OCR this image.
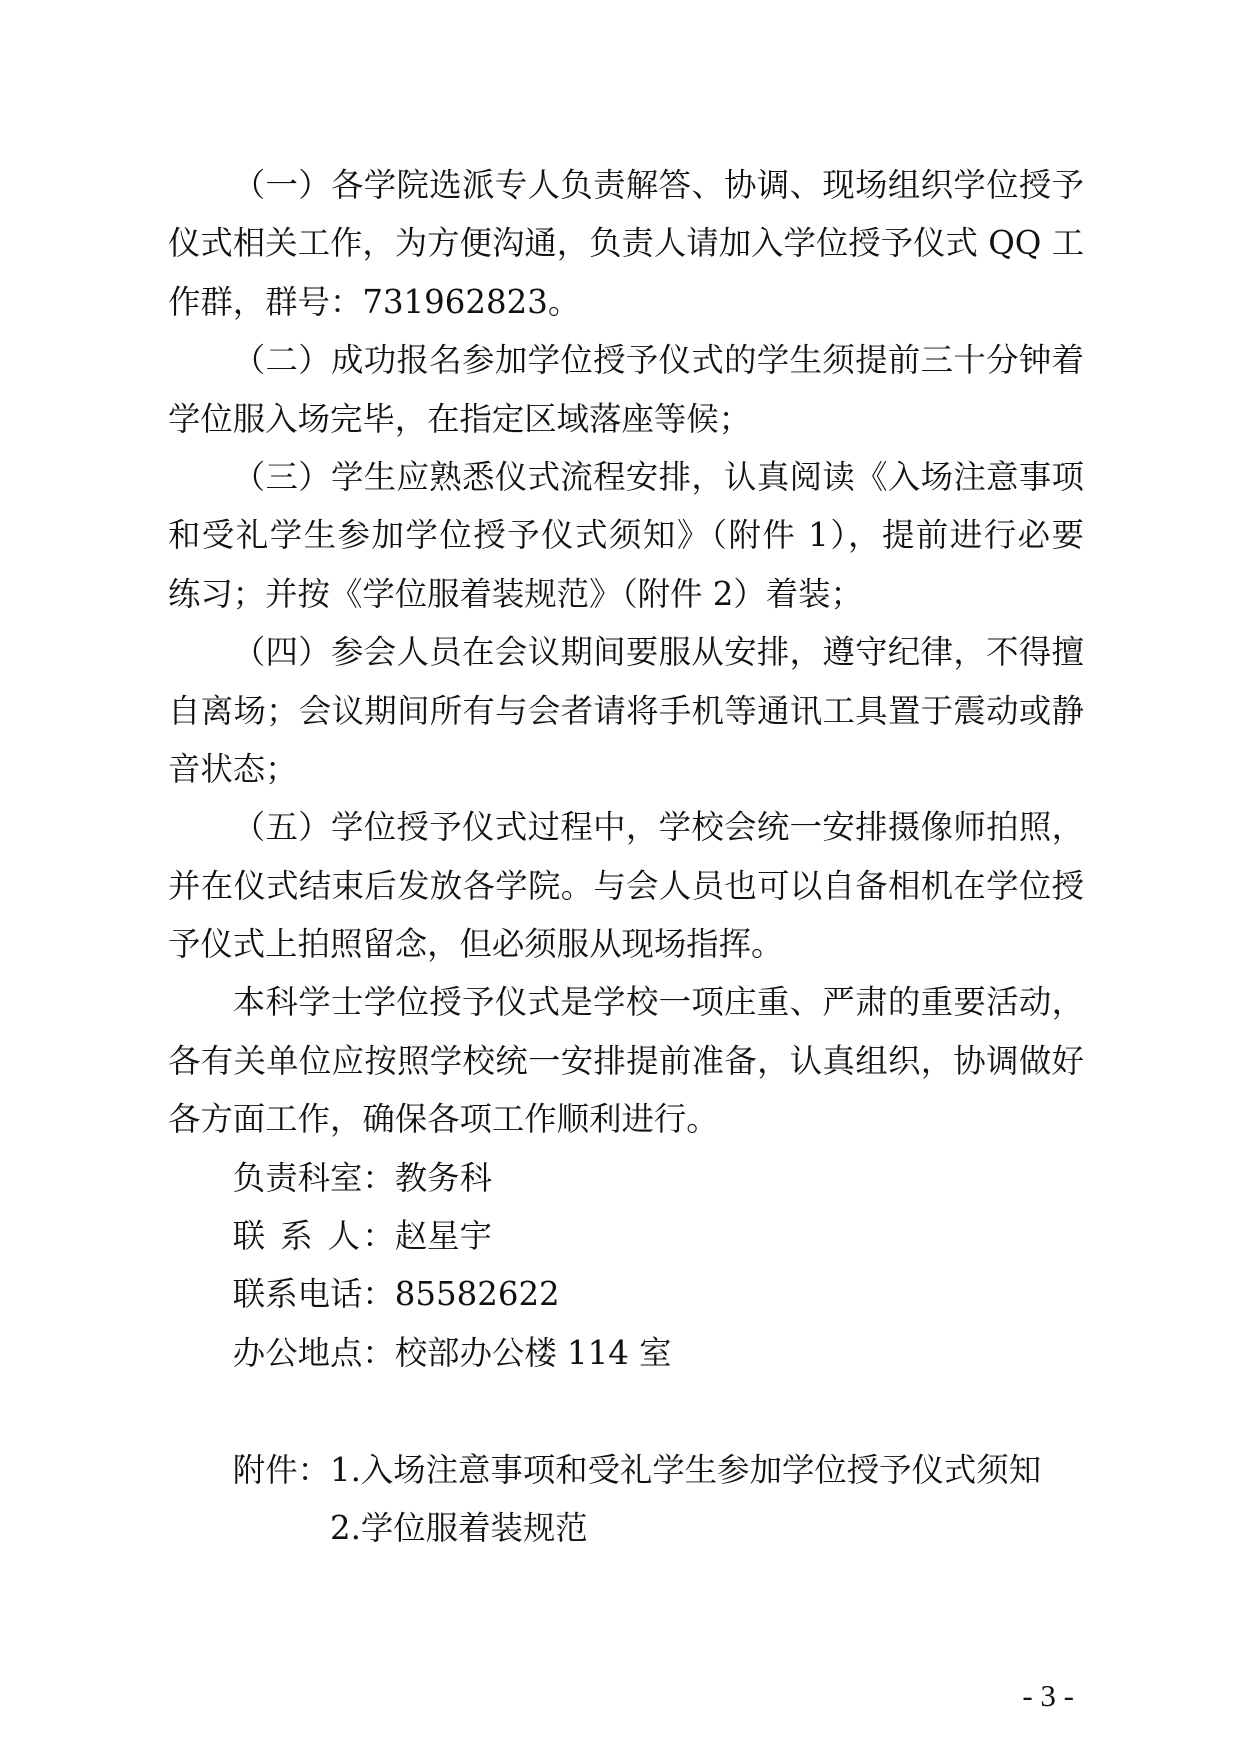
（一）各学院选派专人负责解答、协调、现场组织学位授予
仪式相关工作，为方便沟通，负责人请加入学位授予仪式 QQ 工
作群，群号：731962823。
（二）成功报名参加学位授予仪式的学生须提前三十分钟着
学位服入场完毕，在指定区域落座等候；
（三）学生应熟悉仪式流程安排，认真阅读《入场注意事项
和受礼学生参加学位授予仪式须知》（附件 1），提前进行必要
练习；并按《学位服着装规范》（附件 2）着装；
（四）参会人员在会议期间要服从安排，遵守纪律，不得擅
自离场；会议期间所有与会者请将手机等通讯工具置于震动或静
音状态；
（五）学位授予仪式过程中，学校会统一安排摄像师拍照，
并在仪式结束后发放各学院。与会人员也可以自备相机在学位授
予仪式上拍照留念，但必须服从现场指挥。
本科学士学位授予仪式是学校一项庄重、严肃的重要活动，
各有关单位应按照学校统一安排提前准备，认真组织，协调做好
各方面工作，确保各项工作顺利进行。
负责科室：教务科
联 系 人：赵星宇
联系电话：85582622
办公地点：校部办公楼 114 室
附件：1.入场注意事项和受礼学生参加学位授予仪式须知
2.学位服着装规范
- 3 -
